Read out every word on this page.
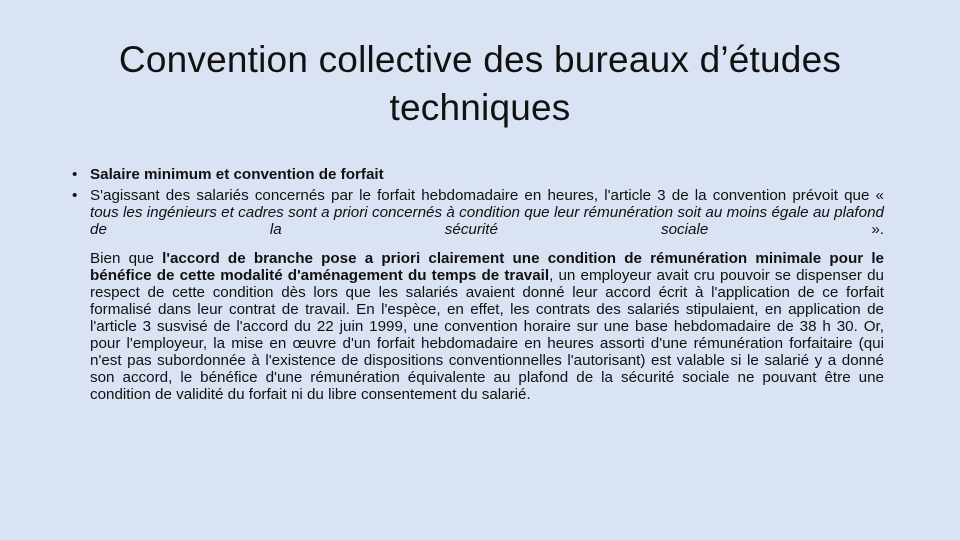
Convention collective des bureaux d’études techniques
• Salaire minimum et convention de forfait
• S'agissant des salariés concernés par le forfait hebdomadaire en heures, l'article 3 de la convention prévoit que « tous les ingénieurs et cadres sont a priori concernés à condition que leur rémunération soit au moins égale au plafond de la sécurité sociale ».

Bien que l'accord de branche pose a priori clairement une condition de rémunération minimale pour le bénéfice de cette modalité d'aménagement du temps de travail, un employeur avait cru pouvoir se dispenser du respect de cette condition dès lors que les salariés avaient donné leur accord écrit à l'application de ce forfait formalisé dans leur contrat de travail. En l'espèce, en effet, les contrats des salariés stipulaient, en application de l'article 3 susvisé de l'accord du 22 juin 1999, une convention horaire sur une base hebdomadaire de 38 h 30. Or, pour l'employeur, la mise en œuvre d'un forfait hebdomadaire en heures assorti d'une rémunération forfaitaire (qui n'est pas subordonnée à l'existence de dispositions conventionnelles l'autorisant) est valable si le salarié y a donné son accord, le bénéfice d'une rémunération équivalente au plafond de la sécurité sociale ne pouvant être une condition de validité du forfait ni du libre consentement du salarié.
